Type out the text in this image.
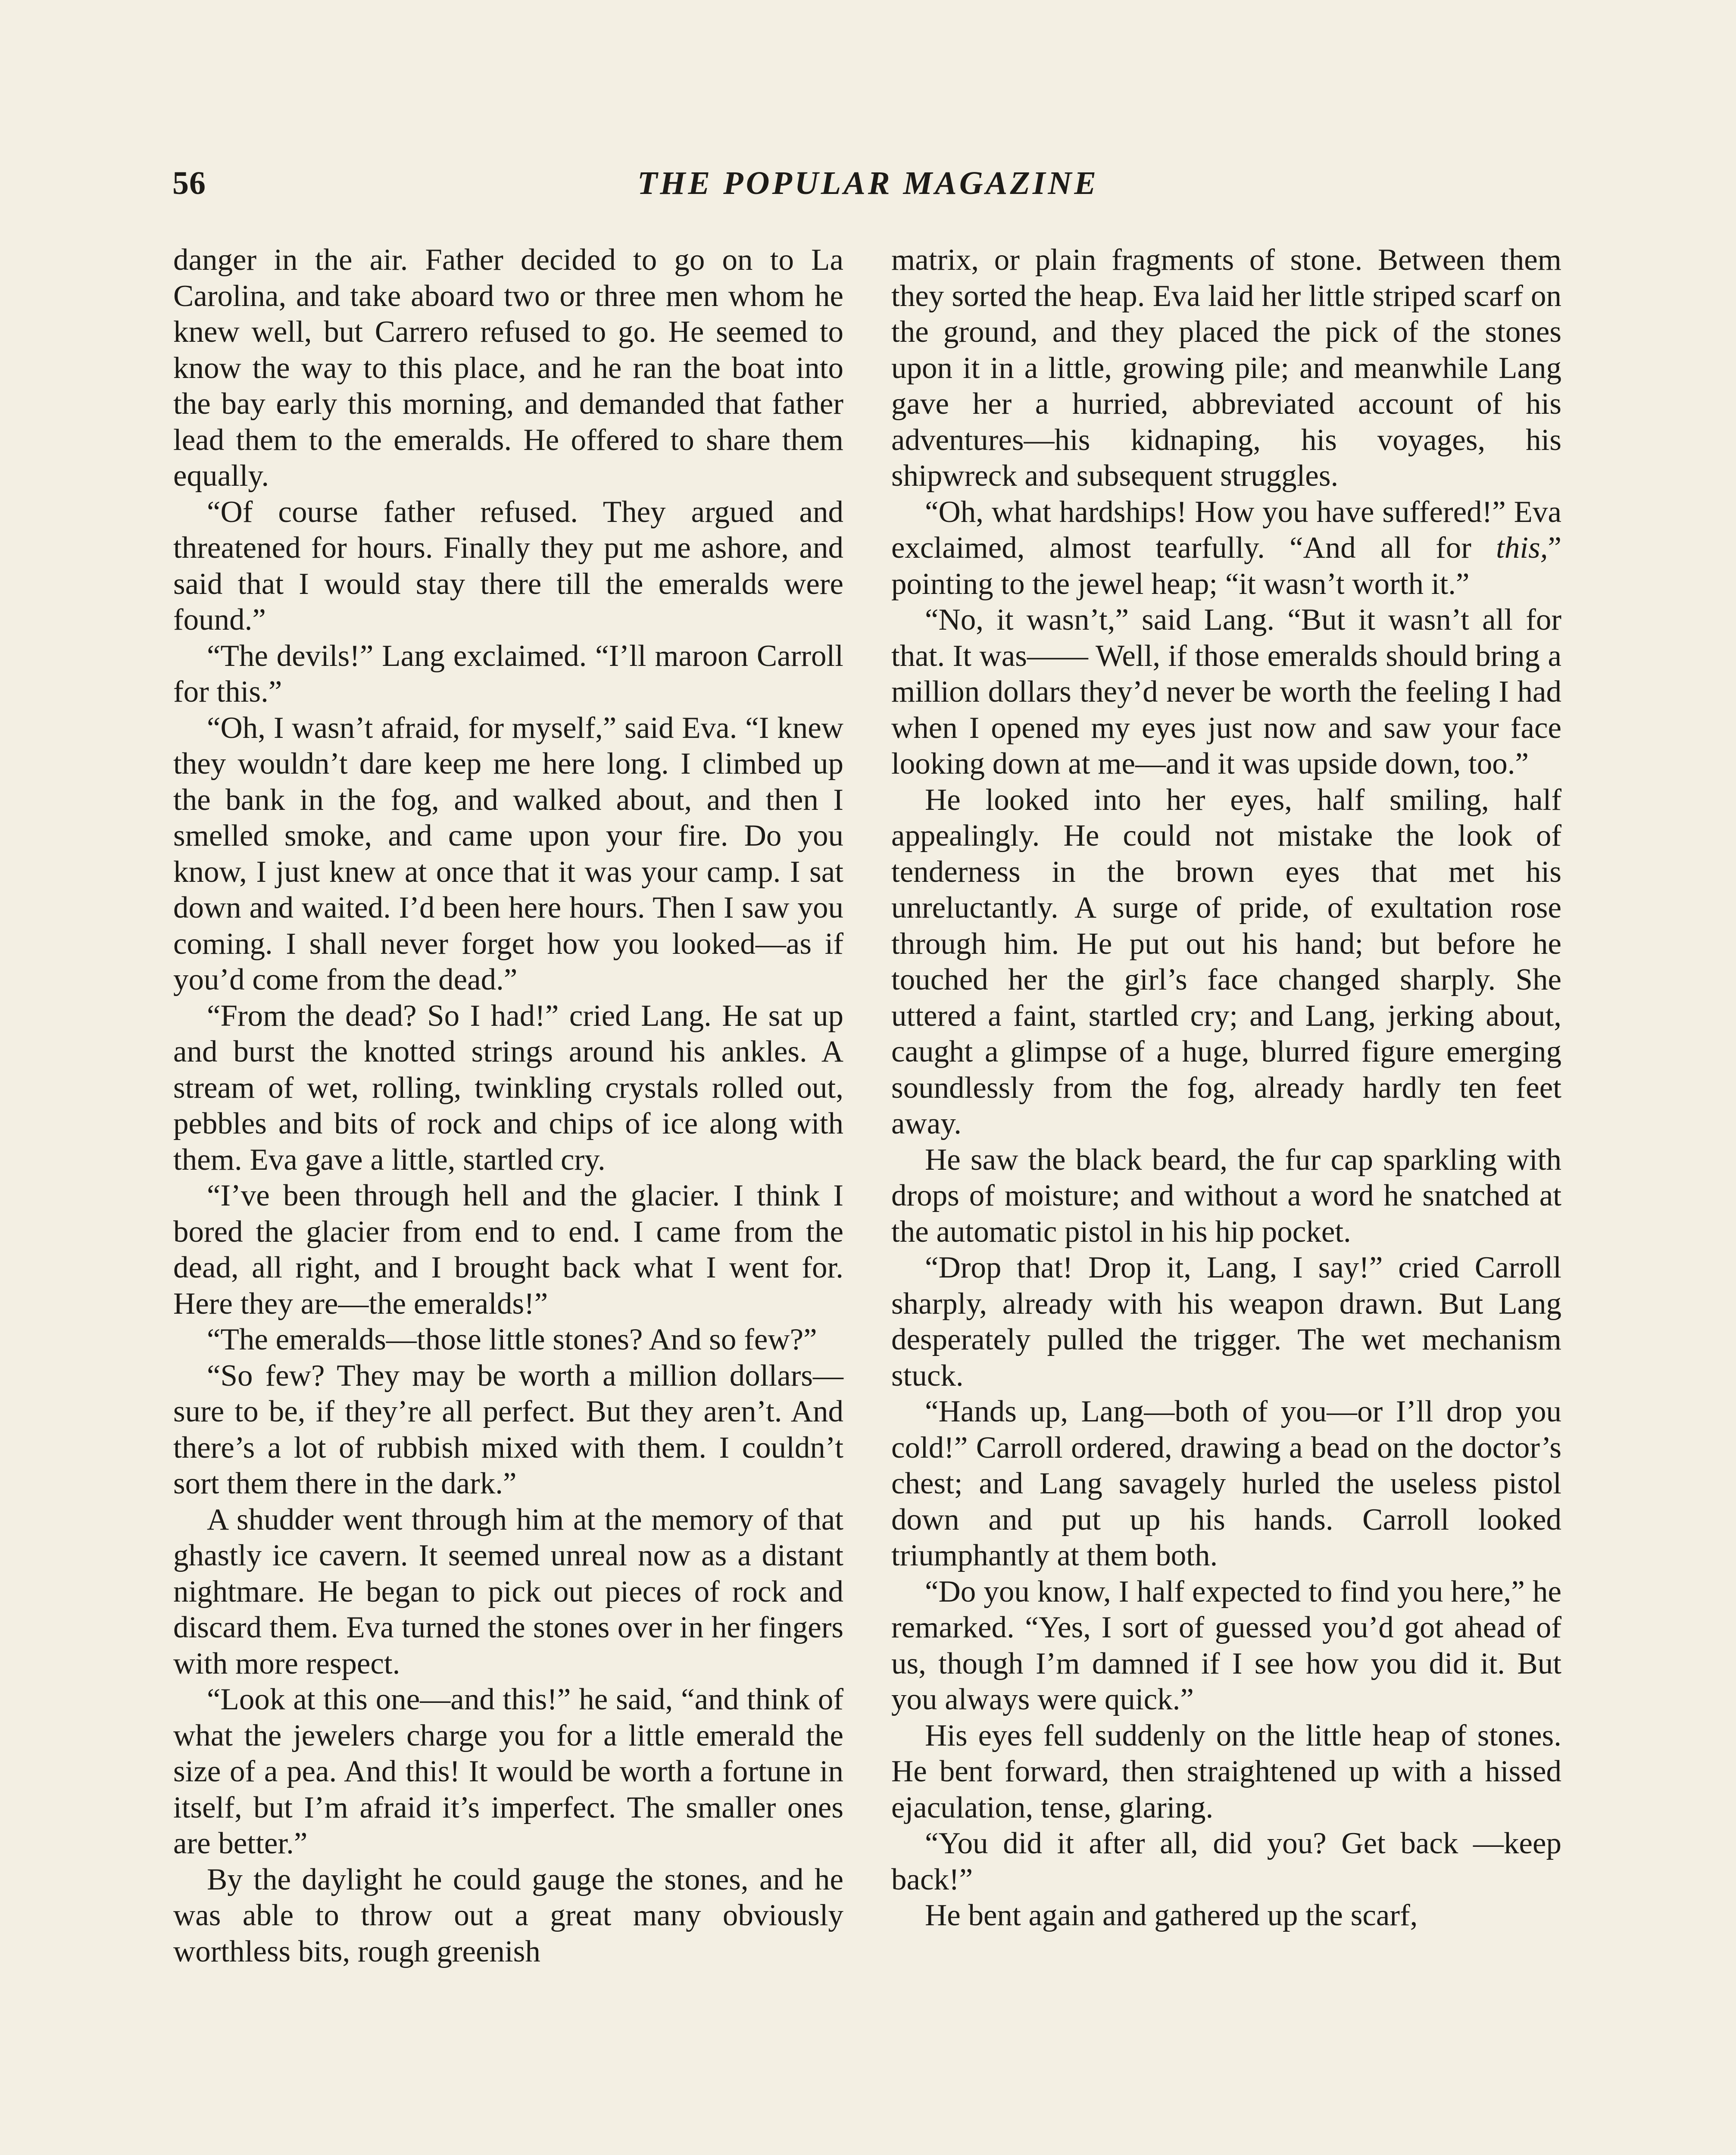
56	THE POPULAR MAGAZINE

danger in the air. Father decided to go on to La Carolina, and take aboard two or three men whom he knew well, but Carrero refused to go. He seemed to know the way to this place, and he ran the boat into the bay early this morning, and demanded that father lead them to the emeralds. He offered to share them equally.

“Of course father refused. They argued and threatened for hours. Finally they put me ashore, and said that I would stay there till the emeralds were found.”

“The devils!” Lang exclaimed. “I’ll maroon Carroll for this.”

“Oh, I wasn’t afraid, for myself,” said Eva. “I knew they wouldn’t dare keep me here long. I climbed up the bank in the fog, and walked about, and then I smelled smoke, and came upon your fire. Do you know, I just knew at once that it was your camp. I sat down and waited. I’d been here hours. Then I saw you coming. I shall never forget how you looked—as if you’d come from the dead.”

“From the dead? So I had!” cried Lang. He sat up and burst the knotted strings around his ankles. A stream of wet, rolling, twinkling crystals rolled out, pebbles and bits of rock and chips of ice along with them. Eva gave a little, startled cry.

“I’ve been through hell and the glacier. I think I bored the glacier from end to end. I came from the dead, all right, and I brought back what I went for. Here they are—the emeralds!”

“The emeralds—those little stones? And so few?”

“So few? They may be worth a million dollars—sure to be, if they’re all perfect. But they aren’t. And there’s a lot of rubbish mixed with them. I couldn’t sort them there in the dark.”

A shudder went through him at the memory of that ghastly ice cavern. It seemed unreal now as a distant nightmare. He began to pick out pieces of rock and discard them. Eva turned the stones over in her fingers with more respect.

“Look at this one—and this!” he said, “and think of what the jewelers charge you for a little emerald the size of a pea. And this! It would be worth a fortune in itself, but I’m afraid it’s imperfect. The smaller ones are better.”

By the daylight he could gauge the stones, and he was able to throw out a great many obviously worthless bits, rough greenish

matrix, or plain fragments of stone. Between them they sorted the heap. Eva laid her little striped scarf on the ground, and they placed the pick of the stones upon it in a little, growing pile; and meanwhile Lang gave her a hurried, abbreviated account of his adventures—his kidnaping, his voyages, his shipwreck and subsequent struggles.

“Oh, what hardships! How you have suffered!” Eva exclaimed, almost tearfully. “And all for this,” pointing to the jewel heap; “it wasn’t worth it.”

“No, it wasn’t,” said Lang. “But it wasn’t all for that. It was—— Well, if those emeralds should bring a million dollars they’d never be worth the feeling I had when I opened my eyes just now and saw your face looking down at me—and it was upside down, too.”

He looked into her eyes, half smiling, half appealingly. He could not mistake the look of tenderness in the brown eyes that met his unreluctantly. A surge of pride, of exultation rose through him. He put out his hand; but before he touched her the girl’s face changed sharply. She uttered a faint, startled cry; and Lang, jerking about, caught a glimpse of a huge, blurred figure emerging soundlessly from the fog, already hardly ten feet away.

He saw the black beard, the fur cap sparkling with drops of moisture; and without a word he snatched at the automatic pistol in his hip pocket.

“Drop that! Drop it, Lang, I say!” cried Carroll sharply, already with his weapon drawn. But Lang desperately pulled the trigger. The wet mechanism stuck.

“Hands up, Lang—both of you—or I’ll drop you cold!” Carroll ordered, drawing a bead on the doctor’s chest; and Lang savagely hurled the useless pistol down and put up his hands. Carroll looked triumphantly at them both.

“Do you know, I half expected to find you here,” he remarked. “Yes, I sort of guessed you’d got ahead of us, though I’m damned if I see how you did it. But you always were quick.”

His eyes fell suddenly on the little heap of stones. He bent forward, then straightened up with a hissed ejaculation, tense, glaring.

“You did it after all, did you? Get back —keep back!”

He bent again and gathered up the scarf,
